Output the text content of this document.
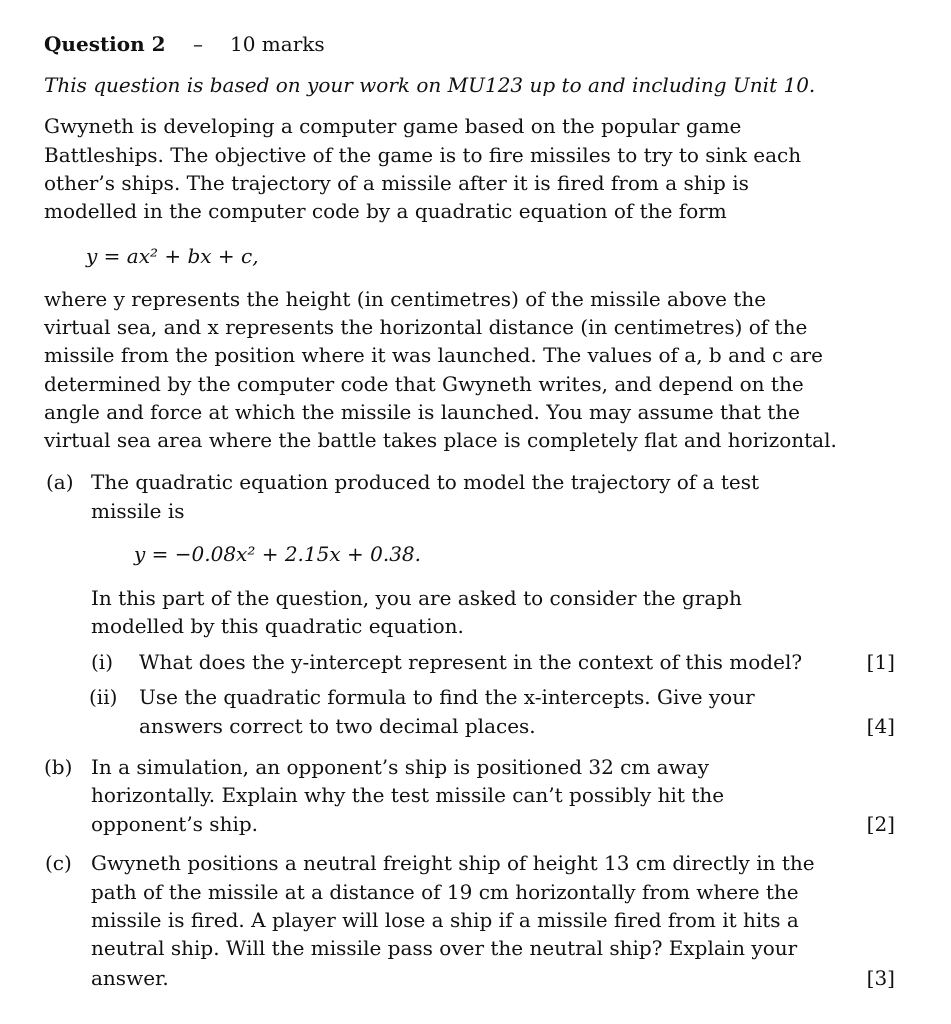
Question 2 – 10 marks
This question is based on your work on MU123 up to and including Unit 10.
Gwyneth is developing a computer game based on the popular game
Battleships. The objective of the game is to fire missiles to try to sink each
other’s ships. The trajectory of a missile after it is fired from a ship is
modelled in the computer code by a quadratic equation of the form
y = ax² + bx + c,
where y represents the height (in centimetres) of the missile above the
virtual sea, and x represents the horizontal distance (in centimetres) of the
missile from the position where it was launched. The values of a, b and c are
determined by the computer code that Gwyneth writes, and depend on the
angle and force at which the missile is launched. You may assume that the
virtual sea area where the battle takes place is completely flat and horizontal.
(a) The quadratic equation produced to model the trajectory of a test
missile is
y = −0.08x² + 2.15x + 0.38.
In this part of the question, you are asked to consider the graph
modelled by this quadratic equation.
(i) What does the y-intercept represent in the context of this model?	[1]
(ii) Use the quadratic formula to find the x-intercepts. Give your
answers correct to two decimal places.	[4]
(b) In a simulation, an opponent’s ship is positioned 32 cm away
horizontally. Explain why the test missile can’t possibly hit the
opponent’s ship.	[2]
(c) Gwyneth positions a neutral freight ship of height 13 cm directly in the
path of the missile at a distance of 19 cm horizontally from where the
missile is fired. A player will lose a ship if a missile fired from it hits a
neutral ship. Will the missile pass over the neutral ship? Explain your
answer.	[3]
